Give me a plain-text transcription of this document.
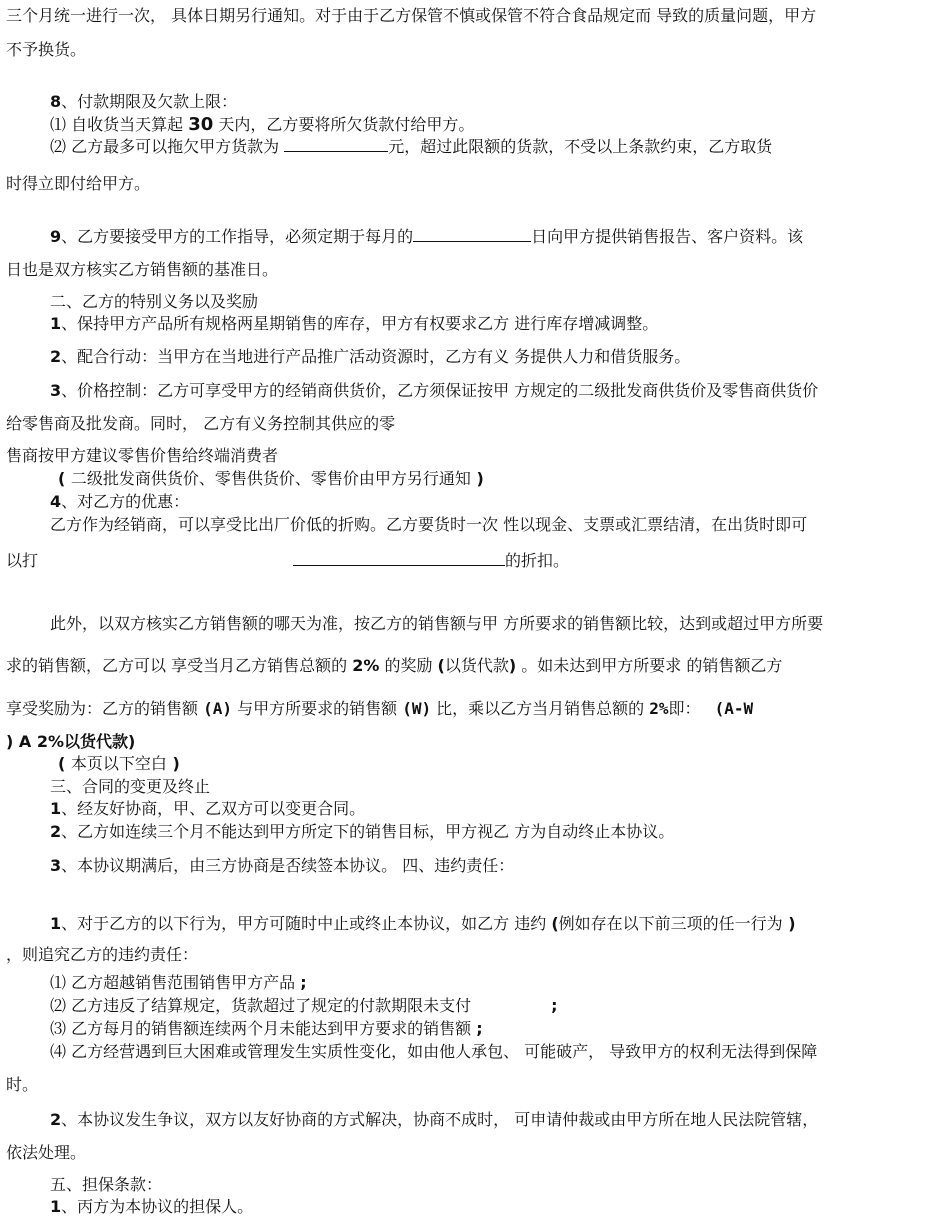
三个月统一进行一次， 具体日期另行通知。对于由于乙方保管不慎或保管不符合食品规定而 导致的质量问题，甲方
不予换货。
8、付款期限及欠款上限：
⑴ 自收货当天算起 30 天内，乙方要将所欠货款付给甲方。
⑵ 乙方最多可以拖欠甲方货款为	元，超过此限额的货款，不受以上条款约束，乙方取货
时得立即付给甲方。
9、乙方要接受甲方的工作指导，必须定期于每月的	日向甲方提供销售报告、客户资料。该
日也是双方核实乙方销售额的基准日。
二、乙方的特别义务以及奖励
1、保持甲方产品所有规格两星期销售的库存，甲方有权要求乙方 进行库存增减调整。
2、配合行动：当甲方在当地进行产品推广活动资源时，乙方有义 务提供人力和借货服务。
3、价格控制：乙方可享受甲方的经销商供货价，乙方须保证按甲 方规定的二级批发商供货价及零售商供货价
给零售商及批发商。同时， 乙方有义务控制其供应的零
售商按甲方建议零售价售给终端消费者
( 二级批发商供货价、零售供货价、零售价由甲方另行通知 )
4、对乙方的优惠：
乙方作为经销商，可以享受比出厂价低的折购。乙方要货时一次 性以现金、支票或汇票结清，在出货时即可
以打	的折扣。
此外，以双方核实乙方销售额的哪天为准，按乙方的销售额与甲 方所要求的销售额比较，达到或超过甲方所要
求的销售额，乙方可以 享受当月乙方销售总额的 2% 的奖励 (以货代款) 。如未达到甲方所要求 的销售额乙方
享受奖励为：乙方的销售额 (A) 与甲方所要求的销售额 (W) 比，乘以乙方当月销售总额的 2%即： (A-W
) A 2%以货代款)
( 本页以下空白 )
三、合同的变更及终止
1、经友好协商，甲、乙双方可以变更合同。
2、乙方如连续三个月不能达到甲方所定下的销售目标，甲方视乙 方为自动终止本协议。
3、本协议期满后，由三方协商是否续签本协议。 四、违约责任：
1、对于乙方的以下行为，甲方可随时中止或终止本协议，如乙方 违约 (例如存在以下前三项的任一行为 )
，则追究乙方的违约责任：
⑴ 乙方超越销售范围销售甲方产品 ;
⑵ 乙方违反了结算规定，货款超过了规定的付款期限未支付	;
⑶ 乙方每月的销售额连续两个月未能达到甲方要求的销售额 ;
⑷ 乙方经营遇到巨大困难或管理发生实质性变化，如由他人承包、 可能破产， 导致甲方的权利无法得到保障
时。
2、本协议发生争议，双方以友好协商的方式解决，协商不成时， 可申请仲裁或由甲方所在地人民法院管辖，
依法处理。
五、担保条款：
1、丙方为本协议的担保人。
